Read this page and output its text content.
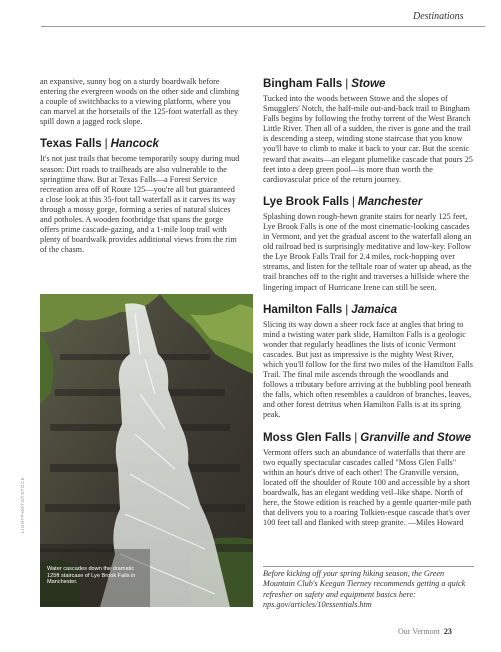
Destinations

an expansive, sunny bog on a sturdy boardwalk before entering the evergreen woods on the other side and climbing a couple of switchbacks to a viewing platform, where you can marvel at the horsetails of the 125-foot waterfall as they spill down a jagged rock slope.

Texas Falls | Hancock

It's not just trails that become temporarily soupy during mud season: Dirt roads to trailheads are also vulnerable to the springtime thaw. But at Texas Falls—a Forest Service recreation area off of Route 125—you're all but guaranteed a close look at this 35-foot tall waterfall as it carves its way through a mossy gorge, forming a series of natural sluices and potholes. A wooden footbridge that spans the gorge offers prime cascade-gazing, and a 1-mile loop trail with plenty of boardwalk provides additional views from the rim of the chasm.

Water cascades down the dramatic 125ft staircase of Lye Brook Falls in Manchester.
LIGHTPHOTO/ISTOCK
Bingham Falls | Stowe

Tucked into the woods between Stowe and the slopes of Smugglers' Notch, the half-mile out-and-back trail to Bingham Falls begins by following the frothy torrent of the West Branch Little River. Then all of a sudden, the river is gone and the trail is descending a steep, winding stone staircase that you know you'll have to climb to make it back to your car. But the scenic reward that awaits—an elegant plumelike cascade that pours 25 feet into a deep green pool—is more than worth the cardiovascular price of the return journey.

Lye Brook Falls | Manchester

Splashing down rough-hewn granite stairs for nearly 125 feet, Lye Brook Falls is one of the most cinematic-looking cascades in Vermont, and yet the gradual ascent to the waterfall along an old railroad bed is surprisingly meditative and low-key. Follow the Lye Brook Falls Trail for 2.4 miles, rock-hopping over streams, and listen for the telltale roar of water up ahead, as the trail branches off to the right and traverses a hillside where the lingering impact of Hurricane Irene can still be seen.

Hamilton Falls | Jamaica

Slicing its way down a sheer rock face at angles that bring to mind a twisting water park slide, Hamilton Falls is a geologic wonder that regularly headlines the lists of iconic Vermont cascades. But just as impressive is the mighty West River, which you'll follow for the first two miles of the Hamilton Falls Trail. The final mile ascends through the woodlands and follows a tributary before arriving at the bubbling pool beneath the falls, which often resembles a cauldron of branches, leaves, and other forest detritus when Hamilton Falls is at its spring peak.

Moss Glen Falls | Granville and Stowe

Vermont offers such an abundance of waterfalls that there are two equally spectacular cascades called "Moss Glen Falls" within an hour's drive of each other! The Granville version, located off the shoulder of Route 100 and accessible by a short boardwalk, has an elegant wedding veil–like shape. North of here, the Stowe edition is reached by a gentle quarter-mile path that delivers you to a roaring Tolkien-esque cascade that's over 100 feet tall and flanked with steep granite. —Miles Howard

Before kicking off your spring hiking season, the Green Mountain Club's Keegan Tierney recommends getting a quick refresher on safety and equipment basics here: nps.gov/articles/10essentials.htm

Our Vermont 23
